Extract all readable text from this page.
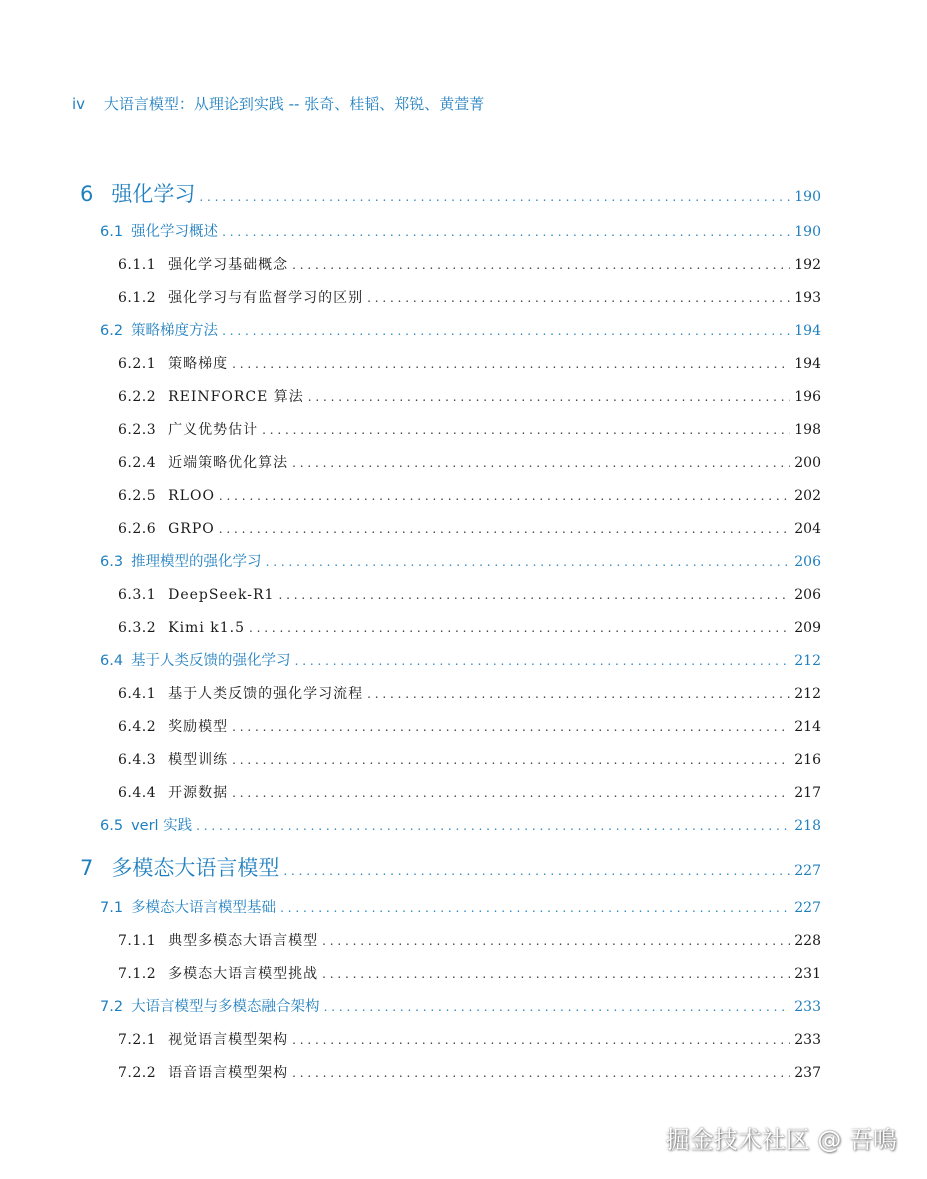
iv 大语言模型：从理论到实践 -- 张奇、桂韬、郑锐、黄萱菁
6 强化学习 . . .	190
6.1 强化学习概述 . . .	190
6.1.1 强化学习基础概念 . . .	192
6.1.2 强化学习与有监督学习的区别 . . .	193
6.2 策略梯度方法 . . .	194
6.2.1 策略梯度 . . .	194
6.2.2 REINFORCE 算法 . . .	196
6.2.3 广义优势估计 . . .	198
6.2.4 近端策略优化算法 . . .	200
6.2.5 RLOO . . .	202
6.2.6 GRPO . . .	204
6.3 推理模型的强化学习 . . .	206
6.3.1 DeepSeek-R1 . . .	206
6.3.2 Kimi k1.5 . . .	209
6.4 基于人类反馈的强化学习 . . .	212
6.4.1 基于人类反馈的强化学习流程 . . .	212
6.4.2 奖励模型 . . .	214
6.4.3 模型训练 . . .	216
6.4.4 开源数据 . . .	217
6.5 verl 实践 . . .	218
7 多模态大语言模型 . . .	227
7.1 多模态大语言模型基础 . . .	227
7.1.1 典型多模态大语言模型 . . .	228
7.1.2 多模态大语言模型挑战 . . .	231
7.2 大语言模型与多模态融合架构 . . .	233
7.2.1 视觉语言模型架构 . . .	233
7.2.2 语音语言模型架构 . . .	237
掘金技术社区 @ 吾鳴
